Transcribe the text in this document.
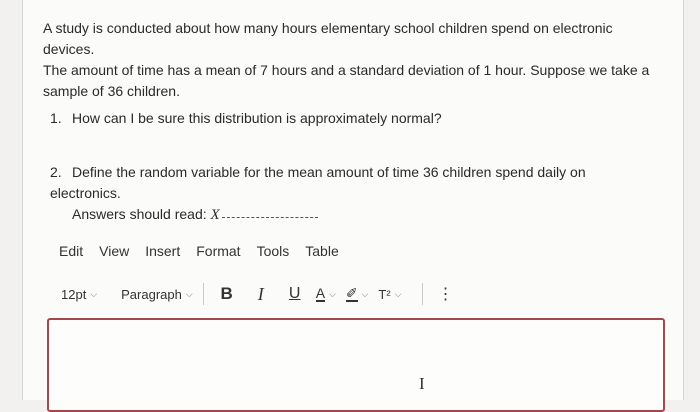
A study is conducted about how many hours elementary school children spend on electronic devices.
The amount of time has a mean of 7 hours and a standard deviation of 1 hour. Suppose we take a
sample of 36 children.
1. How can I be sure this distribution is approximately normal?
2. Define the random variable for the mean amount of time 36 children spend daily on electronics.
Answers should read: X
Edit View Insert Format Tools Table
12pt ⌵ Paragraph ⌵	B	I	U	A ⌵ ✐ ⌵ T² ⌵	⋮
I
